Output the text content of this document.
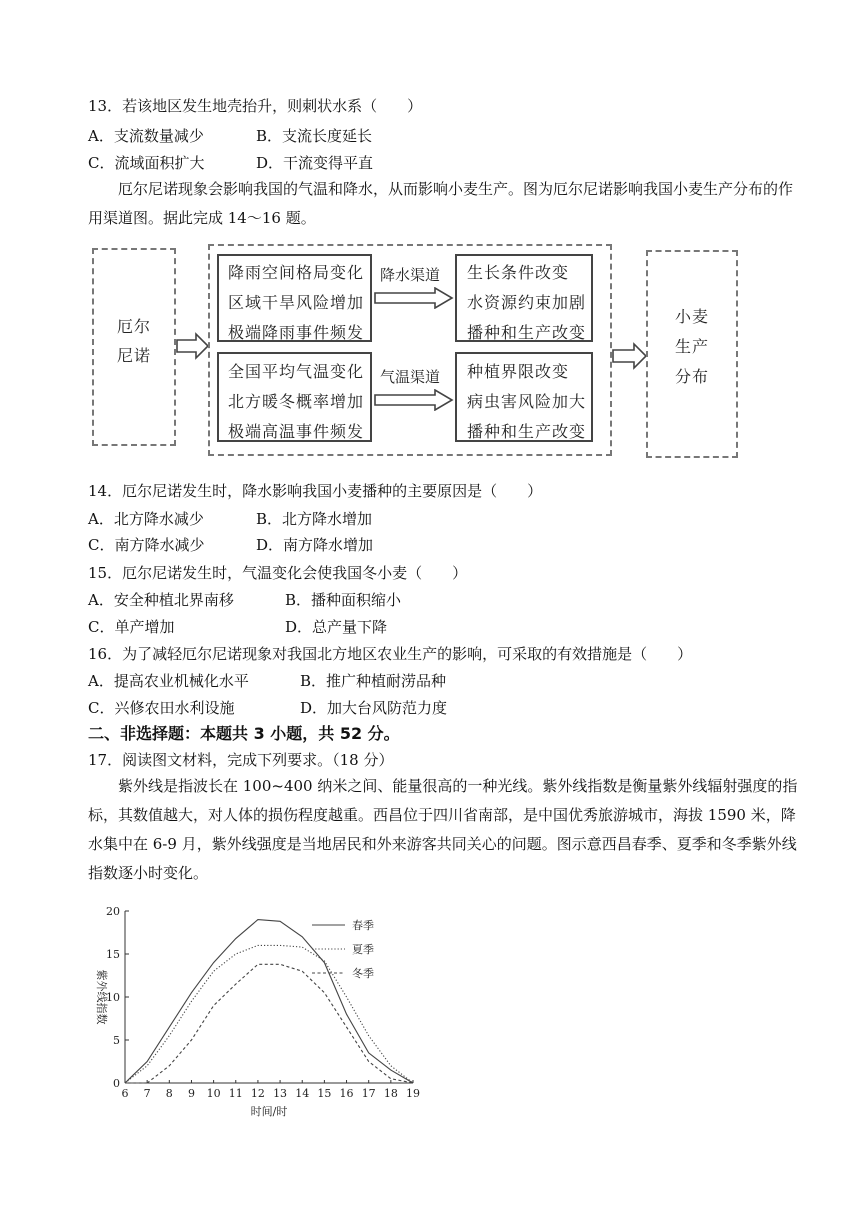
13．若该地区发生地壳抬升，则刺状水系（　　）
A．支流数量减少	B．支流长度延长
C．流域面积扩大	D．干流变得平直
厄尔尼诺现象会影响我国的气温和降水，从而影响小麦生产。图为厄尔尼诺影响我国小麦生产分布的作用渠道图。据此完成 14～16 题。
厄尔
尼诺
降雨空间格局变化
区域干旱风险增加
极端降雨事件频发
降水渠道 生长条件改变
水资源约束加剧
播种和生产改变
全国平均气温变化
北方暖冬概率增加
极端高温事件频发
气温渠道 种植界限改变
病虫害风险加大
播种和生产改变
小麦
生产
分布
14．厄尔尼诺发生时，降水影响我国小麦播种的主要原因是（　　）
A．北方降水减少	B．北方降水增加
C．南方降水减少	D．南方降水增加
15．厄尔尼诺发生时，气温变化会使我国冬小麦（　　）
A．安全种植北界南移	B．播种面积缩小
C．单产增加	D．总产量下降
16．为了减轻厄尔尼诺现象对我国北方地区农业生产的影响，可采取的有效措施是（　　）
A．提高农业机械化水平	B．推广种植耐涝品种
C．兴修农田水利设施	D．加大台风防范力度
二、非选择题：本题共 3 小题，共 52 分。
17．阅读图文材料，完成下列要求。（18 分）
紫外线是指波长在 100~400 纳米之间、能量很高的一种光线。紫外线指数是衡量紫外线辐射强度的指标，其数值越大，对人体的损伤程度越重。西昌位于四川省南部，是中国优秀旅游城市，海拔 1590 米，降水集中在 6-9 月，紫外线强度是当地居民和外来游客共同关心的问题。图示意西昌春季、夏季和冬季紫外线指数逐小时变化。
0
5
10
15
20
6 7 8 9 10 11 12 13 14 15 16 17 18 19
时间/时
紫外线指数
春季
夏季
冬季
